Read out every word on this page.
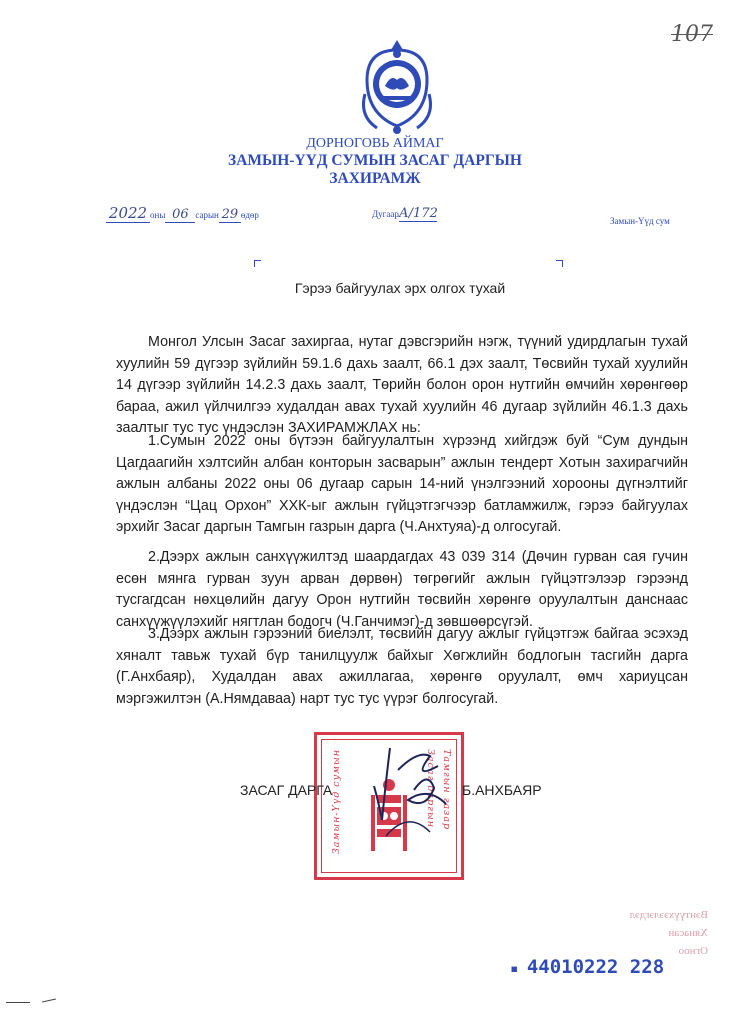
107
ДОРНОГОВЬ АЙМАГ
ЗАМЫН-ҮҮД СУМЫН ЗАСАГ ДАРГЫН
ЗАХИРАМЖ
2022 оны 06 сарын 29 өдөр	ДугаарА/172	Замын-Үүд сум
Гэрээ байгуулах эрх олгох тухай
Монгол Улсын Засаг захиргаа, нутаг дэвсгэрийн нэгж, түүний удирдлагын тухай хуулийн 59 дүгээр зүйлийн 59.1.6 дахь заалт, 66.1 дэх заалт, Төсвийн тухай хуулийн 14 дүгээр зүйлийн 14.2.3 дахь заалт, Төрийн болон орон нутгийн өмчийн хөрөнгөөр бараа, ажил үйлчилгээ худалдан авах тухай хуулийн 46 дугаар зүйлийн 46.1.3 дахь заалтыг тус тус үндэслэн ЗАХИРАМЖЛАХ нь:
1.Сумын 2022 оны бүтээн байгуулалтын хүрээнд хийгдэж буй “Сум дундын Цагдаагийн хэлтсийн албан конторын засварын” ажлын тендерт Хотын захирагчийн ажлын албаны 2022 оны 06 дугаар сарын 14-ний үнэлгээний хорооны дүгнэлтийг үндэслэн “Цац Орхон” ХХК-ыг ажлын гүйцэтгэгчээр батламжилж, гэрээ байгуулах эрхийг Засаг даргын Тамгын газрын дарга (Ч.Анхтуяа)-д олгосугай.
2.Дээрх ажлын санхүүжилтэд шаардагдах 43 039 314 (Дөчин гурван сая гучин есөн мянга гурван зуун арван дөрвөн) төгрөгийг ажлын гүйцэтгэлээр гэрээнд тусгагдсан нөхцөлийн дагуу Орон нутгийн төсвийн хөрөнгө оруулалтын данснаас санхүүжүүлэхийг нягтлан бодогч (Ч.Ганчимэг)-д зөвшөөрсүгэй.
3.Дээрх ажлын гэрээний биелэлт, төсвийн дагуу ажлыг гүйцэтгэж байгаа эсэхэд хяналт тавьж тухай бүр танилцуулж байхыг Хөгжлийн бодлогын тасгийн дарга (Г.Анхбаяр), Худалдан авах ажиллагаа, хөрөнгө оруулалт, өмч хариуцсан мэргэжилтэн (А.Нямдаваа) нарт тус тус үүрэг болгосугай.
Замын-Үүд сумын	Засаг даргын Тамгын газар
ЗАСАГ ДАРГА	Б.АНХБАЯР
Вэнтүүхээлэгдэл
Хянасан
Огноо
▪ 44010222 228
